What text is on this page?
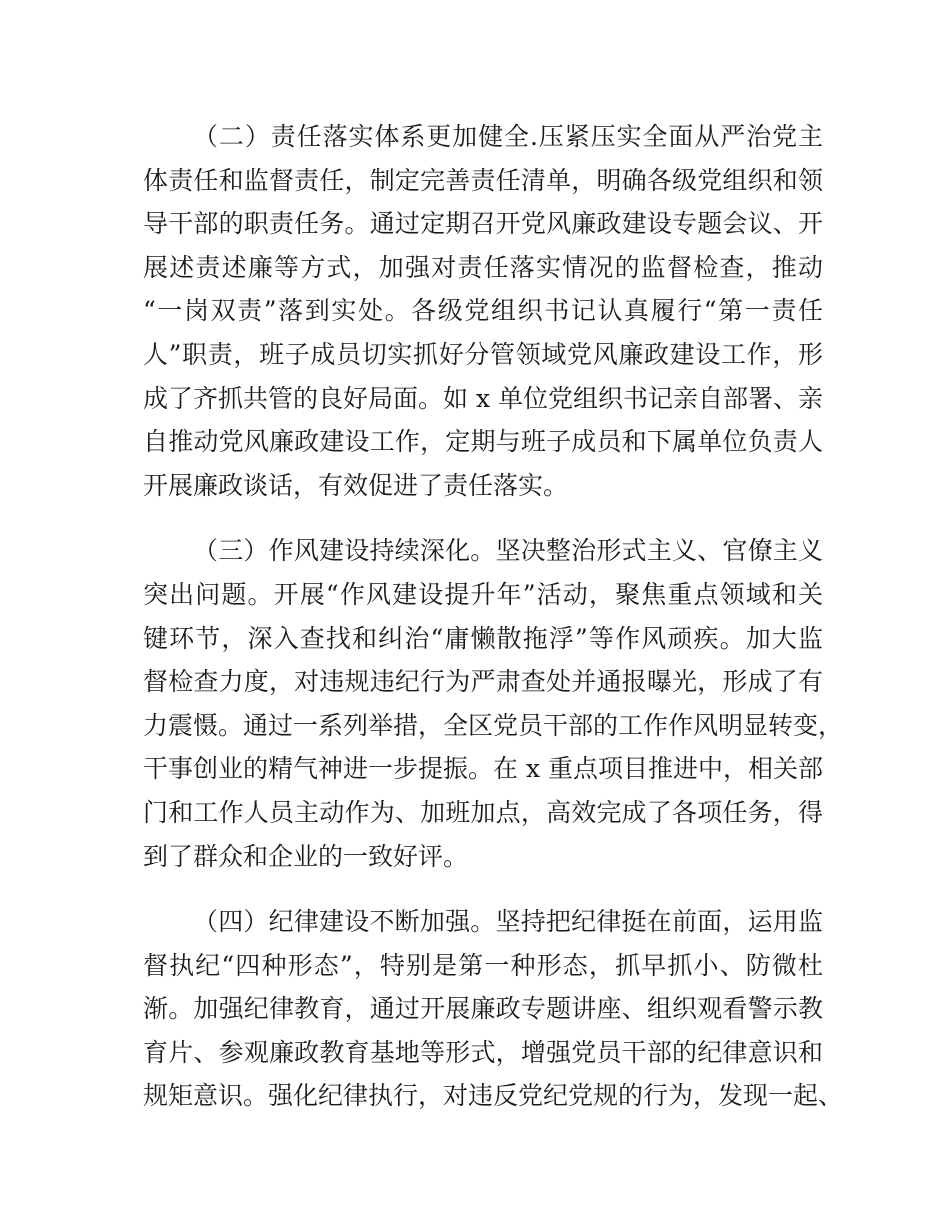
（二）责任落实体系更加健全.压紧压实全面从严治党主
体责任和监督责任，制定完善责任清单，明确各级党组织和领
导干部的职责任务。通过定期召开党风廉政建设专题会议、开
展述责述廉等方式，加强对责任落实情况的监督检查，推动
“一岗双责”落到实处。各级党组织书记认真履行“第一责任
人”职责，班子成员切实抓好分管领域党风廉政建设工作，形
成了齐抓共管的良好局面。如 x 单位党组织书记亲自部署、亲
自推动党风廉政建设工作，定期与班子成员和下属单位负责人
开展廉政谈话，有效促进了责任落实。
（三）作风建设持续深化。坚决整治形式主义、官僚主义
突出问题。开展“作风建设提升年”活动，聚焦重点领域和关
键环节，深入查找和纠治“庸懒散拖浮”等作风顽疾。加大监
督检查力度，对违规违纪行为严肃查处并通报曝光，形成了有
力震慑。通过一系列举措，全区党员干部的工作作风明显转变，
干事创业的精气神进一步提振。在 x 重点项目推进中，相关部
门和工作人员主动作为、加班加点，高效完成了各项任务，得
到了群众和企业的一致好评。
（四）纪律建设不断加强。坚持把纪律挺在前面，运用监
督执纪“四种形态”，特别是第一种形态，抓早抓小、防微杜
渐。加强纪律教育，通过开展廉政专题讲座、组织观看警示教
育片、参观廉政教育基地等形式，增强党员干部的纪律意识和
规矩意识。强化纪律执行，对违反党纪党规的行为，发现一起、
